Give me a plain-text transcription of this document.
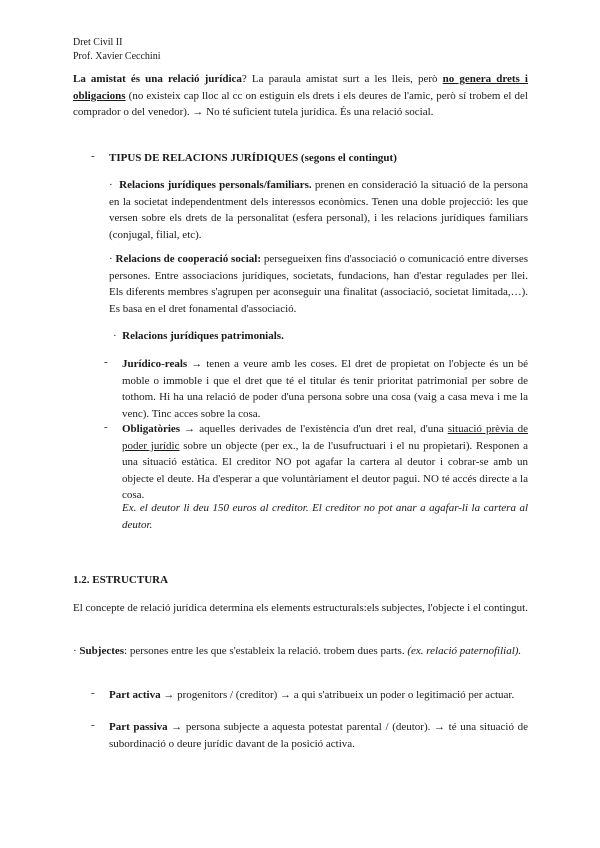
Dret Civil II
Prof. Xavier Cecchini
La amistat és una relació jurídica? La paraula amistat surt a les lleis, però no genera drets i obligacions (no existeix cap lloc al cc on estiguin els drets i els deures de l'amic, però sí trobem el del comprador o del venedor). → No té suficient tutela jurídica. És una relació social.
- TIPUS DE RELACIONS JURÍDIQUES (segons el contingut)
· Relacions jurídiques personals/familiars. prenen en consideració la situació de la persona en la societat independentment dels interessos econòmics. Tenen una doble projecció: les que versen sobre els drets de la personalitat (esfera personal), i les relacions jurídiques familiars (conjugal, filial, etc).
· Relacions de cooperació social: persegueixen fins d'associació o comunicació entre diverses persones. Entre associacions jurídiques, societats, fundacions, han d'estar regulades per llei. Els diferents membres s'agrupen per aconseguir una finalitat (associació, societat limitada,…). Es basa en el dret fonamental d'associació.
· Relacions jurídiques patrimonials.
- Jurídico-reals → tenen a veure amb les coses. El dret de propietat on l'objecte és un bé moble o immoble i que el dret que té el titular és tenir prioritat patrimonial per sobre de tothom. Hi ha una relació de poder d'una persona sobre una cosa (vaig a casa meva i me la venc). Tinc acces sobre la cosa.
- Obligatòries → aquelles derivades de l'existència d'un dret real, d'una situació prèvia de poder jurídic sobre un objecte (per ex., la de l'usufructuari i el nu propietari). Responen a una situació estàtica. El creditor NO pot agafar la cartera al deutor i cobrar-se amb un objecte el deute. Ha d'esperar a que voluntàriament el deutor pagui. NO té accés directe a la cosa.
Ex. el deutor li deu 150 euros al creditor. El creditor no pot anar a agafar-li la cartera al deutor.
1.2. ESTRUCTURA
El concepte de relació jurídica determina els elements estructurals:els subjectes, l'objecte i el contingut.
· Subjectes: persones entre les que s'estableix la relació. trobem dues parts. (ex. relació paternofilial).
- Part activa → progenitors / (creditor) → a qui s'atribueix un poder o legitimació per actuar.
- Part passiva → persona subjecte a aquesta potestat parental / (deutor). → té una situació de subordinació o deure jurídic davant de la posició activa.
